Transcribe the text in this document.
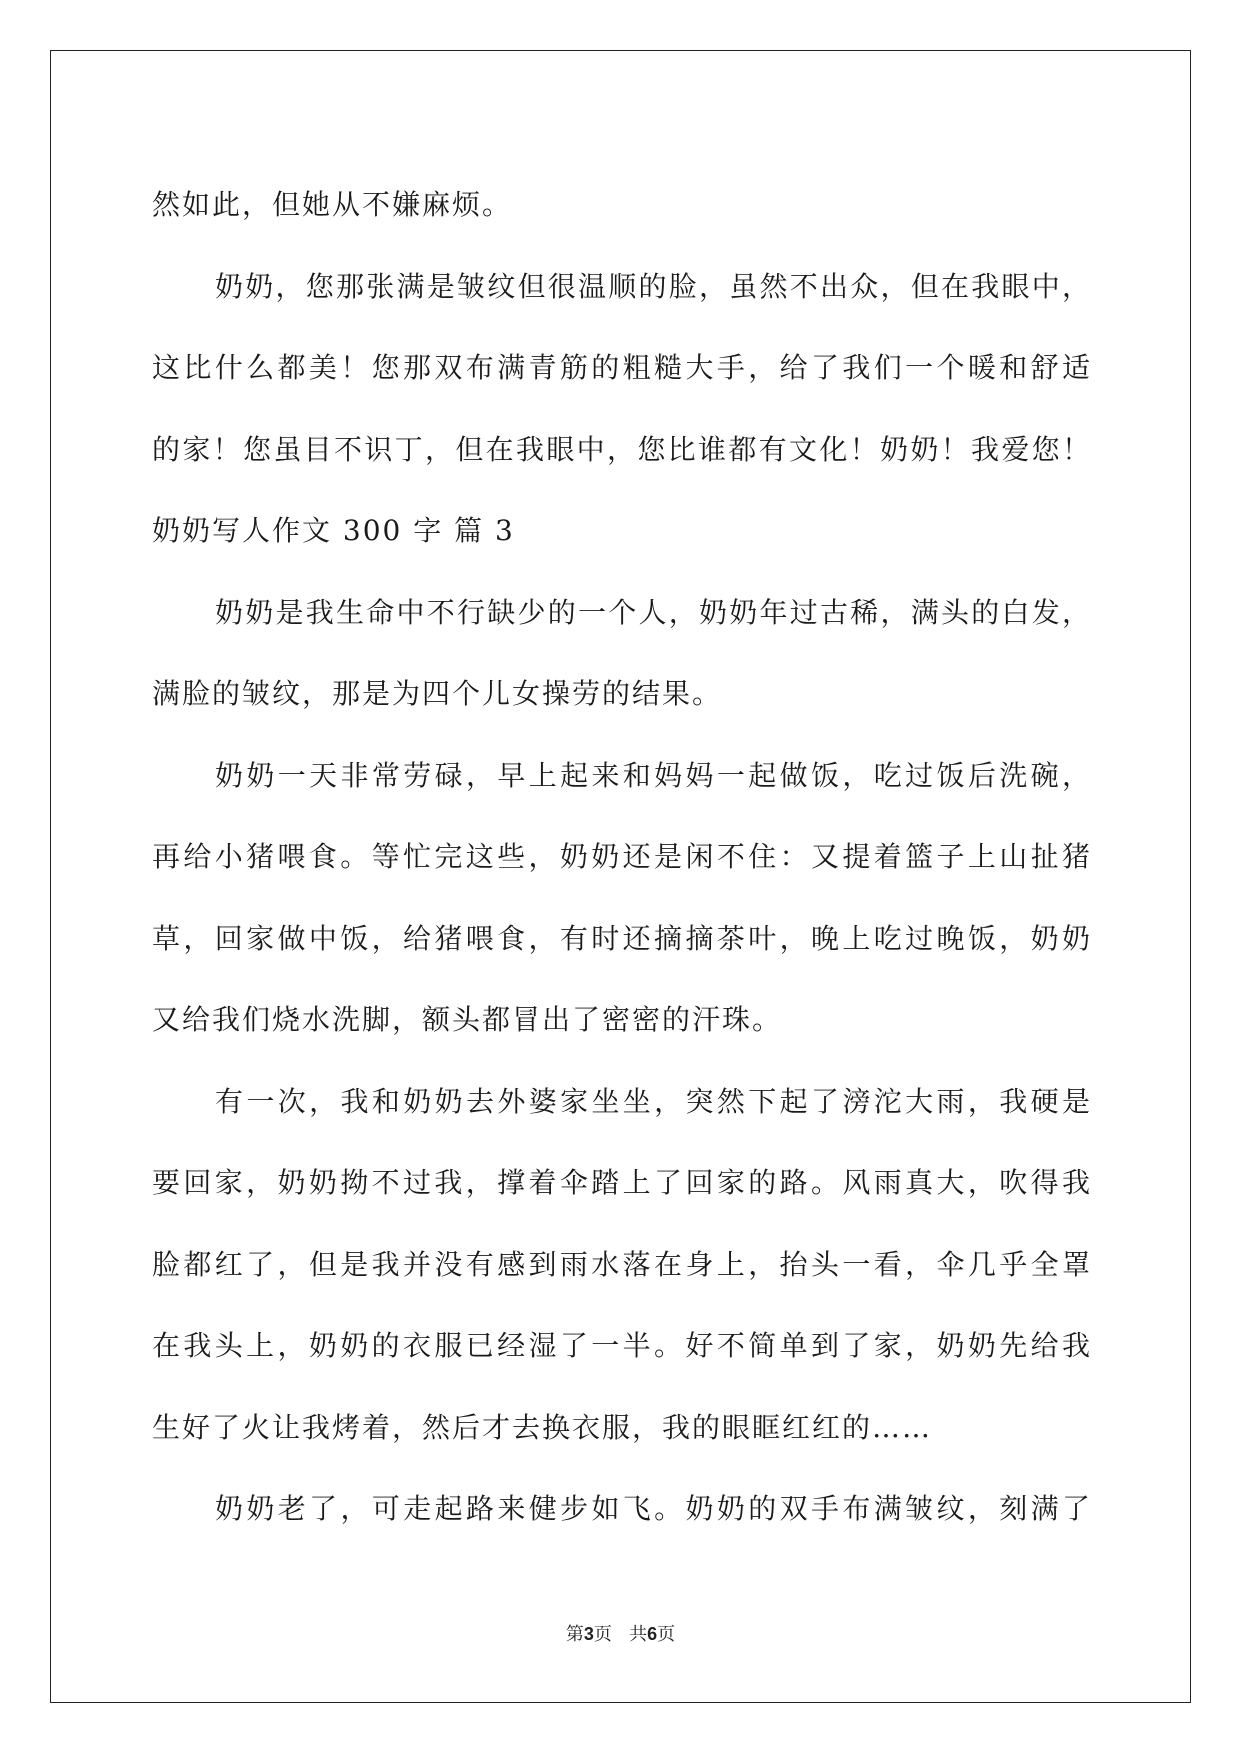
然如此，但她从不嫌麻烦。
奶奶，您那张满是皱纹但很温顺的脸，虽然不出众，但在我眼中，
这比什么都美！您那双布满青筋的粗糙大手，给了我们一个暖和舒适
的家！您虽目不识丁，但在我眼中，您比谁都有文化！奶奶！我爱您！
奶奶写人作文 300 字 篇 3
奶奶是我生命中不行缺少的一个人，奶奶年过古稀，满头的白发，
满脸的皱纹，那是为四个儿女操劳的结果。
奶奶一天非常劳碌，早上起来和妈妈一起做饭，吃过饭后洗碗，
再给小猪喂食。等忙完这些，奶奶还是闲不住：又提着篮子上山扯猪
草，回家做中饭，给猪喂食，有时还摘摘茶叶，晚上吃过晚饭，奶奶
又给我们烧水洗脚，额头都冒出了密密的汗珠。
有一次，我和奶奶去外婆家坐坐，突然下起了滂沱大雨，我硬是
要回家，奶奶拗不过我，撑着伞踏上了回家的路。风雨真大，吹得我
脸都红了，但是我并没有感到雨水落在身上，抬头一看，伞几乎全罩
在我头上，奶奶的衣服已经湿了一半。好不简单到了家，奶奶先给我
生好了火让我烤着，然后才去换衣服，我的眼眶红红的……
奶奶老了，可走起路来健步如飞。奶奶的双手布满皱纹，刻满了
第3页 共6页
